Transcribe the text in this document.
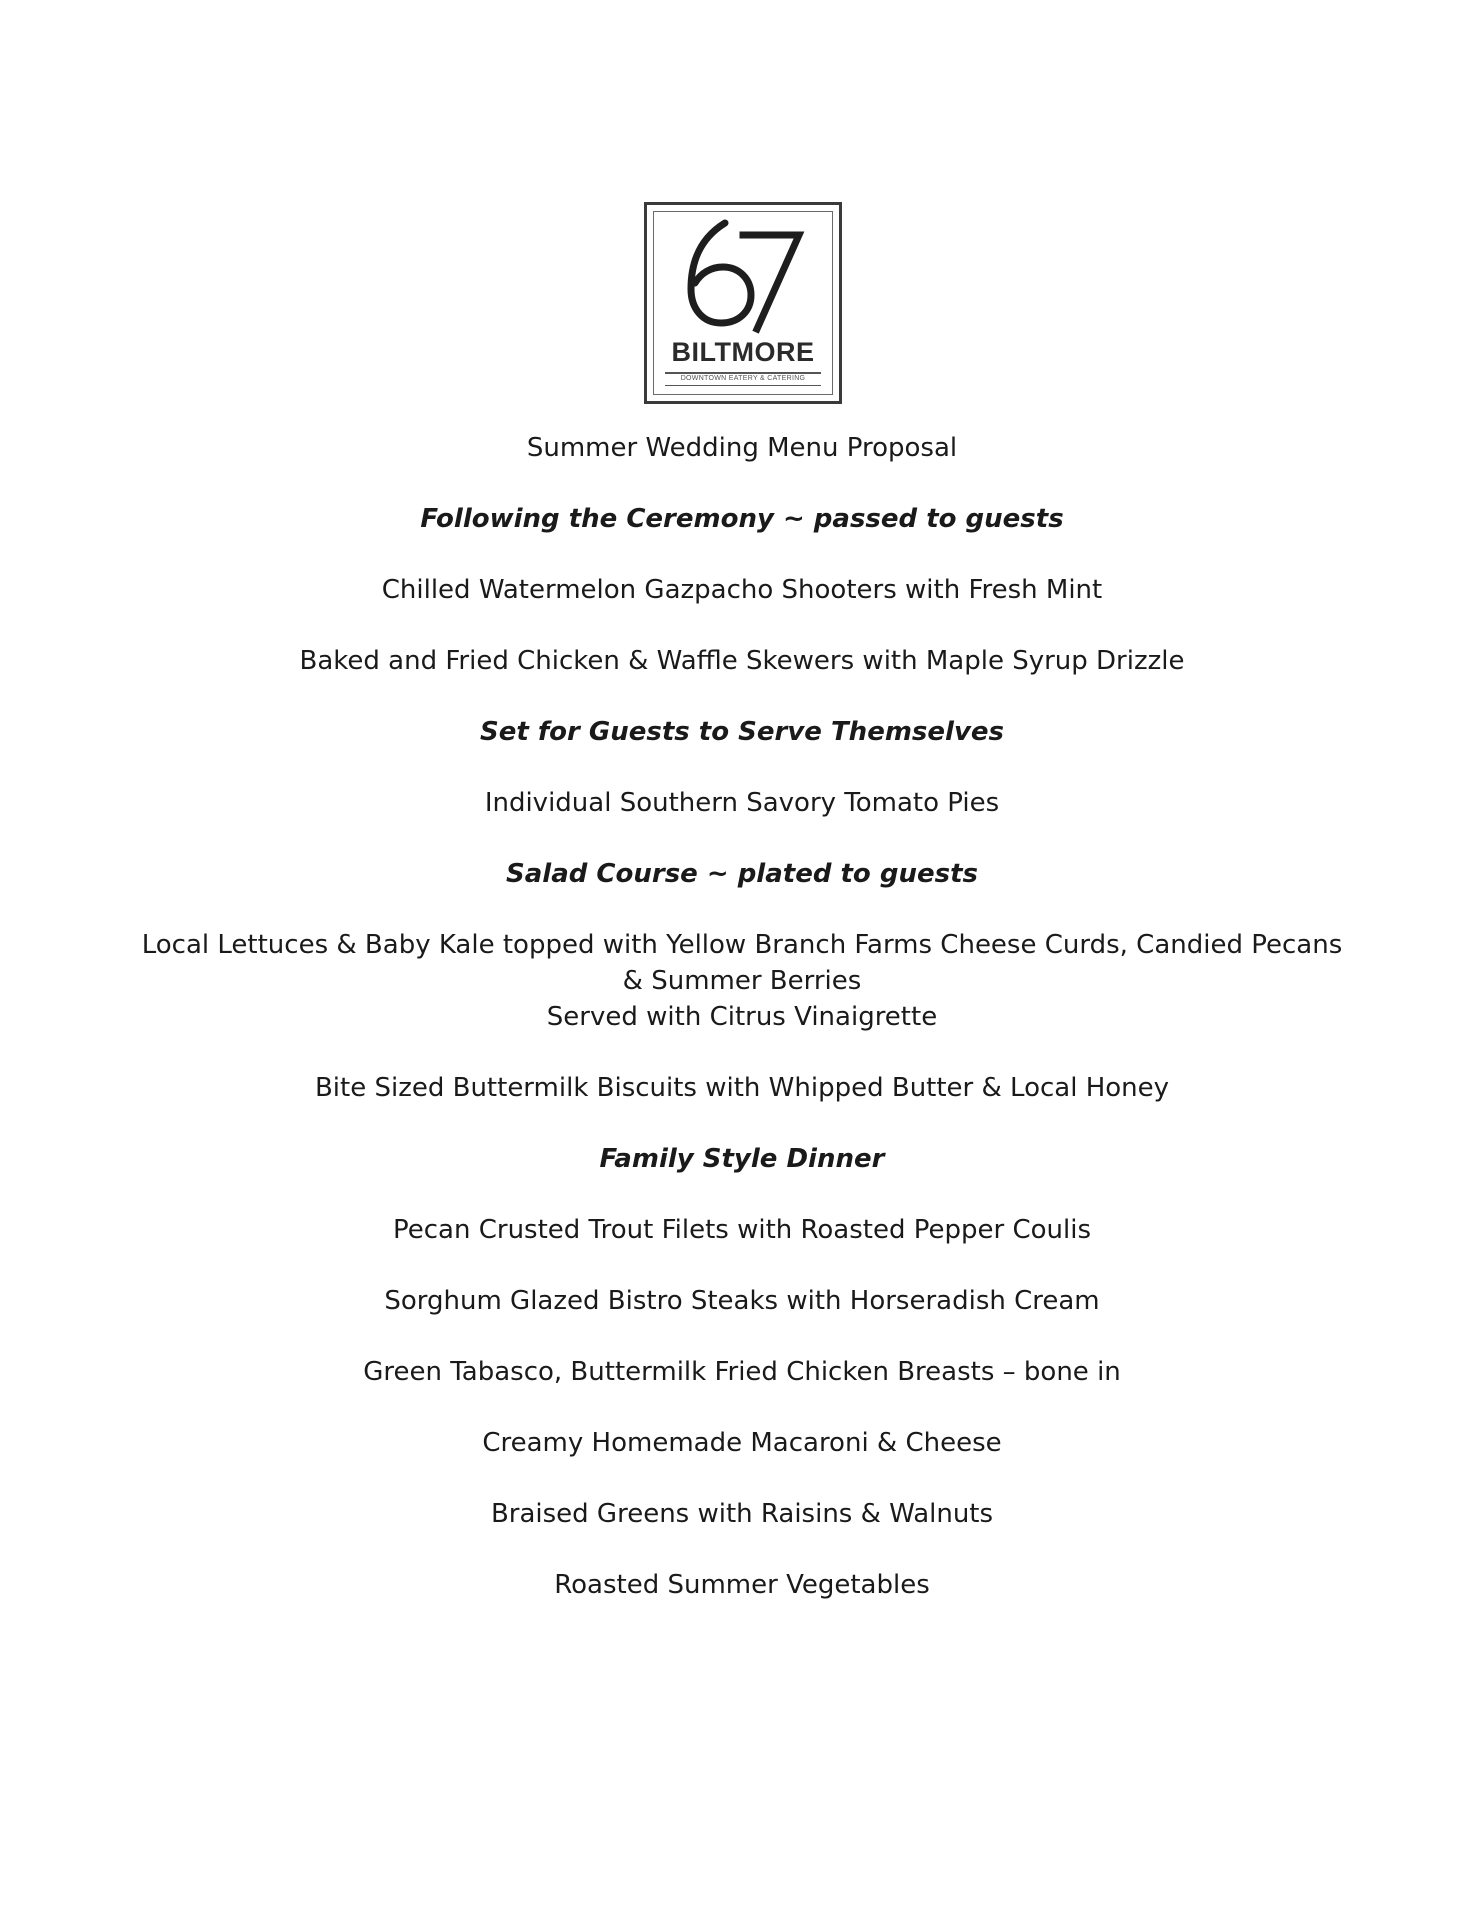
BILTMORE
DOWNTOWN EATERY & CATERING
Summer Wedding Menu Proposal
Following the Ceremony ~ passed to guests
Chilled Watermelon Gazpacho Shooters with Fresh Mint
Baked and Fried Chicken & Waffle Skewers with Maple Syrup Drizzle
Set for Guests to Serve Themselves
Individual Southern Savory Tomato Pies
Salad Course ~ plated to guests
Local Lettuces & Baby Kale topped with Yellow Branch Farms Cheese Curds, Candied Pecans
& Summer Berries
Served with Citrus Vinaigrette
Bite Sized Buttermilk Biscuits with Whipped Butter & Local Honey
Family Style Dinner
Pecan Crusted Trout Filets with Roasted Pepper Coulis
Sorghum Glazed Bistro Steaks with Horseradish Cream
Green Tabasco, Buttermilk Fried Chicken Breasts – bone in
Creamy Homemade Macaroni & Cheese
Braised Greens with Raisins & Walnuts
Roasted Summer Vegetables
